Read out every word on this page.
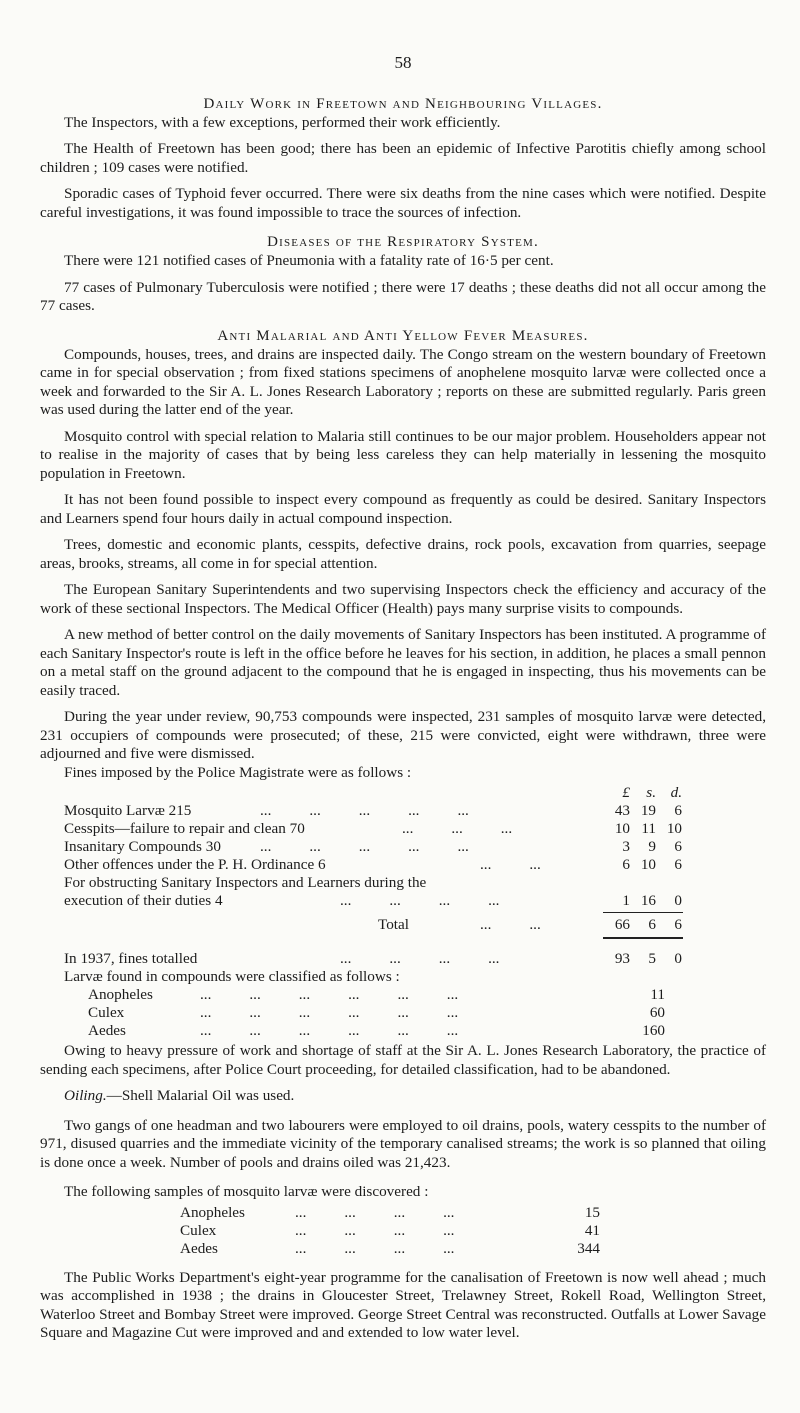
58
Daily Work in Freetown and Neighbouring Villages.

The Inspectors, with a few exceptions, performed their work efficiently.

The Health of Freetown has been good; there has been an epidemic of Infective Parotitis chiefly among school children ; 109 cases were notified.

Sporadic cases of Typhoid fever occurred. There were six deaths from the nine cases which were notified. Despite careful investigations, it was found impossible to trace the sources of infection.

Diseases of the Respiratory System.

There were 121 notified cases of Pneumonia with a fatality rate of 16·5 per cent.

77 cases of Pulmonary Tuberculosis were notified ; there were 17 deaths ; these deaths did not all occur among the 77 cases.

Anti Malarial and Anti Yellow Fever Measures.

Compounds, houses, trees, and drains are inspected daily. The Congo stream on the western boundary of Freetown came in for special observation ; from fixed stations specimens of anophelene mosquito larvæ were collected once a week and forwarded to the Sir A. L. Jones Research Laboratory ; reports on these are submitted regularly. Paris green was used during the latter end of the year.

Mosquito control with special relation to Malaria still continues to be our major problem. Householders appear not to realise in the majority of cases that by being less careless they can help materially in lessening the mosquito population in Freetown.

It has not been found possible to inspect every compound as frequently as could be desired. Sanitary Inspectors and Learners spend four hours daily in actual compound inspection.

Trees, domestic and economic plants, cesspits, defective drains, rock pools, excavation from quarries, seepage areas, brooks, streams, all come in for special attention.

The European Sanitary Superintendents and two supervising Inspectors check the efficiency and accuracy of the work of these sectional Inspectors. The Medical Officer (Health) pays many surprise visits to compounds.

A new method of better control on the daily movements of Sanitary Inspectors has been instituted. A programme of each Sanitary Inspector's route is left in the office before he leaves for his section, in addition, he places a small pennon on a metal staff on the ground adjacent to the compound that he is engaged in inspecting, thus his movements can be easily traced.

During the year under review, 90,753 compounds were inspected, 231 samples of mosquito larvæ were detected, 231 occupiers of compounds were prosecuted; of these, 215 were convicted, eight were withdrawn, three were adjourned and five were dismissed.

Fines imposed by the Police Magistrate were as follows :

£	s. d.
Mosquito Larvæ 215	...          ...          ...          ...          ...	43 19	6
Cesspits—failure to repair and clean 70	...          ...          ...	10 11 10
Insanitary Compounds 30	...          ...          ...          ...          ...	3	9	6
Other offences under the P. H. Ordinance 6	...          ...	6 10	6
For obstructing Sanitary Inspectors and Learners during the
execution of their duties 4	...          ...          ...          ...	1 16	0
Total	...          ...	66	6	6
In 1937, fines totalled	...          ...          ...          ...	93	5	0
Larvæ found in compounds were classified as follows :
Anopheles	...          ...          ...          ...          ...          ...	11
Culex	...          ...          ...          ...          ...          ...	60
Aedes	...          ...          ...          ...          ...          ...	160

Owing to heavy pressure of work and shortage of staff at the Sir A. L. Jones Research Laboratory, the practice of sending each specimens, after Police Court proceeding, for detailed classification, had to be abandoned.

Oiling.—Shell Malarial Oil was used.

Two gangs of one headman and two labourers were employed to oil drains, pools, watery cesspits to the number of 971, disused quarries and the immediate vicinity of the temporary canalised streams; the work is so planned that oiling is done once a week. Number of pools and drains oiled was 21,423.

The following samples of mosquito larvæ were discovered :

Anopheles	...          ...          ...          ...	15
Culex	...          ...          ...          ...	41
Aedes	...          ...          ...          ...	344

The Public Works Department's eight-year programme for the canalisation of Freetown is now well ahead ; much was accomplished in 1938 ; the drains in Gloucester Street, Trelawney Street, Rokell Road, Wellington Street, Waterloo Street and Bombay Street were improved. George Street Central was reconstructed. Outfalls at Lower Savage Square and Magazine Cut were improved and and extended to low water level.
